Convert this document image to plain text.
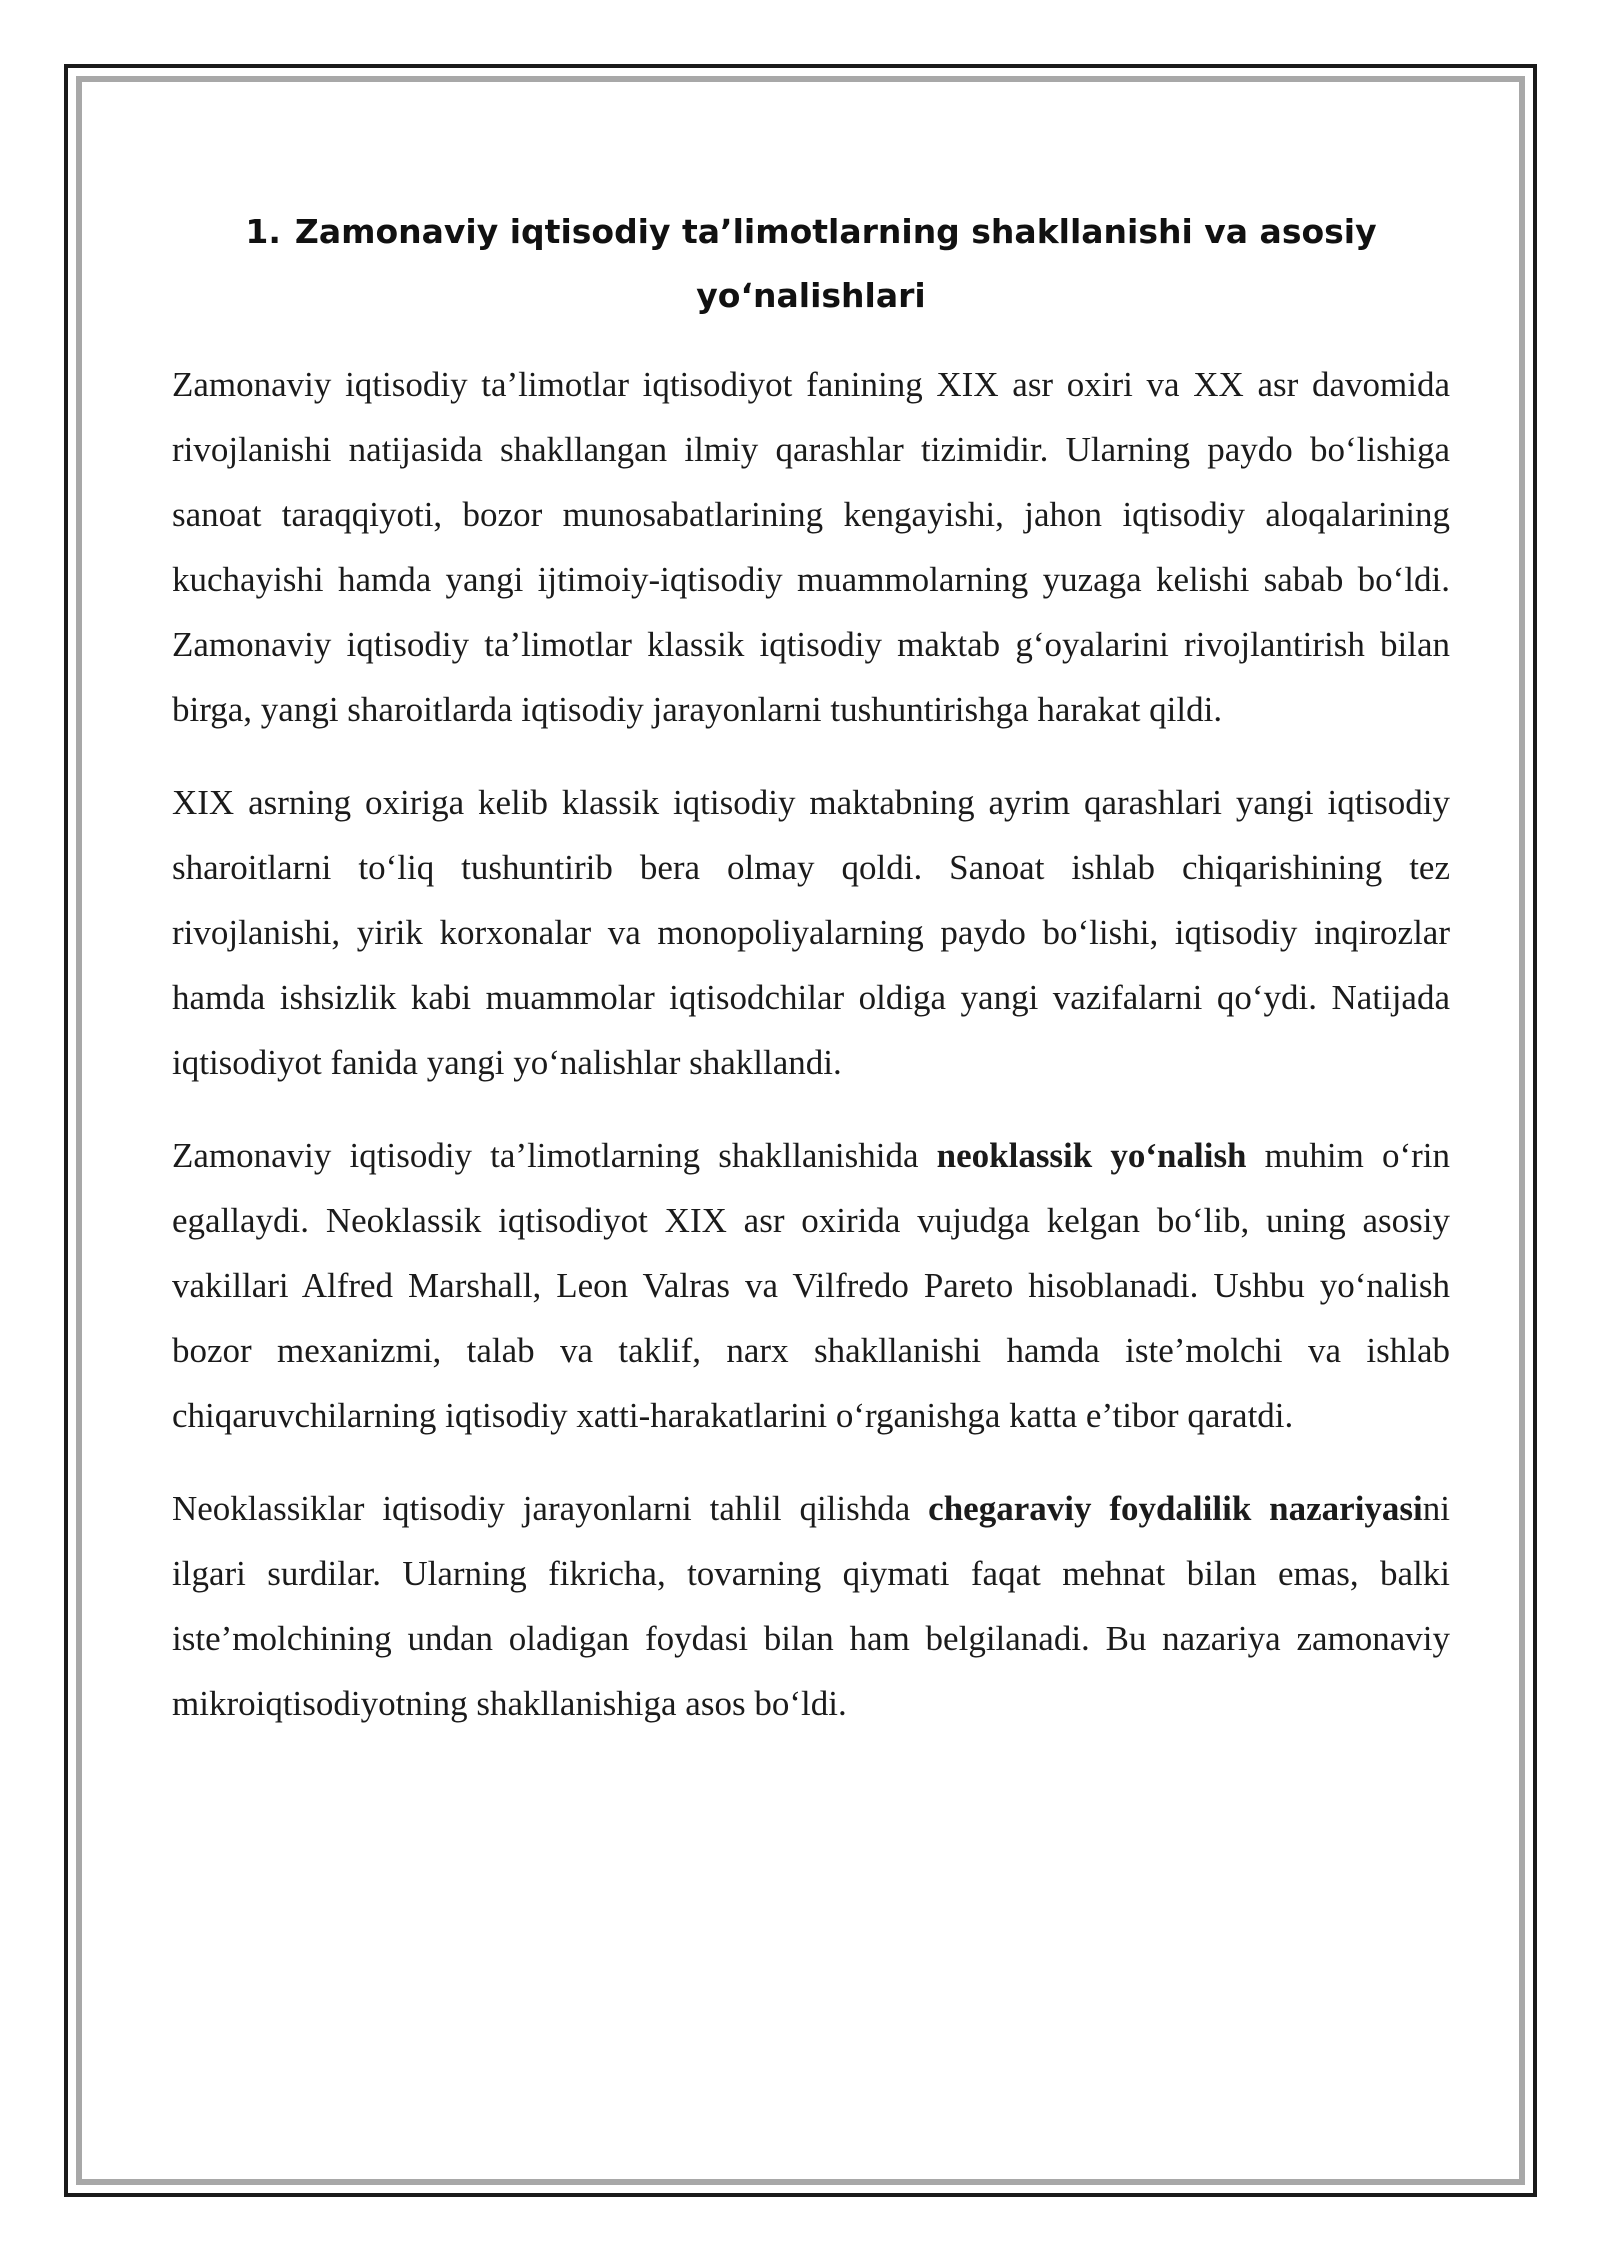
1. Zamonaviy iqtisodiy ta’limotlarning shakllanishi va asosiy yo‘nalishlari

Zamonaviy iqtisodiy ta’limotlar iqtisodiyot fanining XIX asr oxiri va XX asr davomida rivojlanishi natijasida shakllangan ilmiy qarashlar tizimidir. Ularning paydo bo‘lishiga sanoat taraqqiyoti, bozor munosabatlarining kengayishi, jahon iqtisodiy aloqalarining kuchayishi hamda yangi ijtimoiy-iqtisodiy muammolarning yuzaga kelishi sabab bo‘ldi. Zamonaviy iqtisodiy ta’limotlar klassik iqtisodiy maktab g‘oyalarini rivojlantirish bilan birga, yangi sharoitlarda iqtisodiy jarayonlarni tushuntirishga harakat qildi.

XIX asrning oxiriga kelib klassik iqtisodiy maktabning ayrim qarashlari yangi iqtisodiy sharoitlarni to‘liq tushuntirib bera olmay qoldi. Sanoat ishlab chiqarishining tez rivojlanishi, yirik korxonalar va monopoliyalarning paydo bo‘lishi, iqtisodiy inqirozlar hamda ishsizlik kabi muammolar iqtisodchilar oldiga yangi vazifalarni qo‘ydi. Natijada iqtisodiyot fanida yangi yo‘nalishlar shakllandi.

Zamonaviy iqtisodiy ta’limotlarning shakllanishida neoklassik yo‘nalish muhim o‘rin egallaydi. Neoklassik iqtisodiyot XIX asr oxirida vujudga kelgan bo‘lib, uning asosiy vakillari Alfred Marshall, Leon Valras va Vilfredo Pareto hisoblanadi. Ushbu yo‘nalish bozor mexanizmi, talab va taklif, narx shakllanishi hamda iste’molchi va ishlab chiqaruvchilarning iqtisodiy xatti-harakatlarini o‘rganishga katta e’tibor qaratdi.

Neoklassiklar iqtisodiy jarayonlarni tahlil qilishda chegaraviy foydalilik nazariyasini ilgari surdilar. Ularning fikricha, tovarning qiymati faqat mehnat bilan emas, balki iste’molchining undan oladigan foydasi bilan ham belgilanadi. Bu nazariya zamonaviy mikroiqtisodiyotning shakllanishiga asos bo‘ldi.
